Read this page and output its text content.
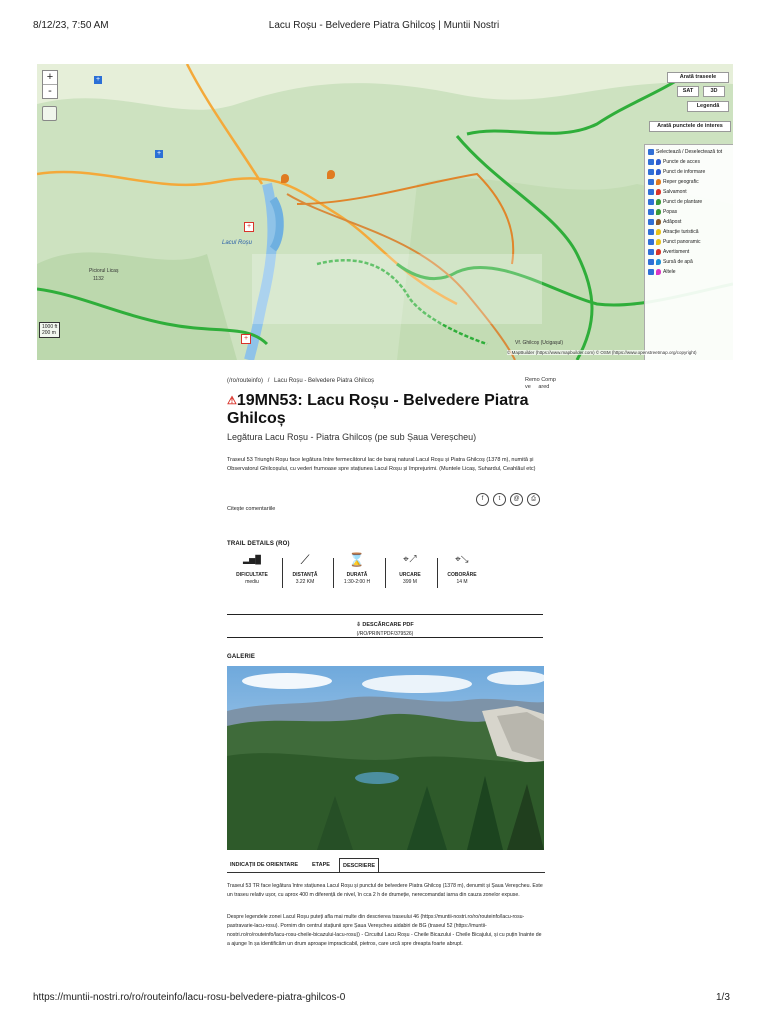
8/12/23, 7:50 AM	Lacu Roșu - Belvedere Piatra Ghilcoș | Muntii Nostri
+
-
Lacul Roșu
Piciorul Licaș
1132
Vf. Ghilcoș (Ucigașul)
+
+
+
+
Arată traseele
SAT	3D
Legendă
Arată punctele de interes
Selectează / Deselectează tot
Puncte de acces
Punct de informare
Reper geografic
Salvamont
Punct de plantare
Popas
Adăpost
Atracție turistică
Punct panoramic
Avertisment
Sursă de apă
Altele
1000 ft
200 m
© MapBuilder (https://www.mapbuilder.com) © OSM (https://www.openstreetmap.org/copyright)
(/ro/routeinfo) / Lacu Roșu - Belvedere Piatra Ghilcoș	Remo Comp
ve ared
⚠19MN53: Lacu Roșu - Belvedere Piatra Ghilcoș
Legătura Lacu Roșu - Piatra Ghilcoș (pe sub Șaua Vereșcheu)
Traseul 53 Triunghi Roșu face legătura între fermecătorul lac de baraj natural Lacul Roșu și Piatra Ghilcoș (1378 m), numită și Observatorul Ghilcoșului, cu vederi frumoase spre stațiunea Lacul Roșu și împrejurimi. (Muntele Licaș, Suhardul, Ceahlăul etc)
f	t	@	⎙
Citește comentariile
TRAIL DETAILS (RO)
▂▅█
DIFICULTATE
mediu
⟋
DISTANȚĂ
3.22 KM
⌛
DURATĂ
1:30-2:00 H
⌖↗
URCARE
399 M
⌖↘
COBORÂRE
14 M
⇩ DESCĂRCARE PDF
(/RO/PRINTPDF/379526)
GALERIE
INDICAȚII DE ORIENTARE	ETAPE	DESCRIERE
Traseul 53 TR face legătura între stațiunea Lacul Roșu și punctul de belvedere Piatra Ghilcoș (1378 m), denumit și Șaua Vereșcheu. Este un traseu relativ ușor, cu aprox 400 m diferență de nivel, în cca 2 h de drumeție, nerecomandat iarna din cauza zonelor expuse.
Despre legendele zonei Lacul Roșu puteți afla mai multe din descrierea traseului 46 (https://muntii-nostri.ro/ro/routeinfo/lacu-rosu-pastravarie-lacu-rosu). Pornim din centrul stațiunii spre Șaua Vereșcheu aidabiri de BG (traseul 52 (https://muntii-nostri.ro/ro/routeinfo/lacu-rosu-cheile-bicazului-lacu-rosu)) - Circuitul Lacu Roșu - Cheile Bicazului - Cheile Bicajului, și cu puțin înainte de a ajunge în șa identificăm un drum aproape impracticabil, pietros, care urcă spre dreapta foarte abrupt.
https://muntii-nostri.ro/ro/routeinfo/lacu-rosu-belvedere-piatra-ghilcos-0	1/3
